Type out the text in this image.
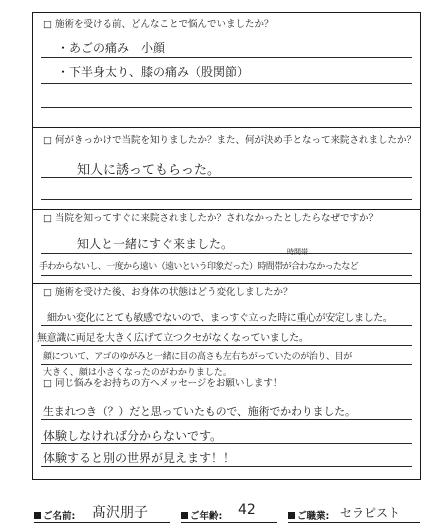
□ 施術を受ける前、どんなことで悩んでいましたか？
・あごの痛み　小顔
・下半身太り、膝の痛み（股関節）
□ 何がきっかけで当院を知りましたか？また、何が決め手となって来院されましたか？
知人に誘ってもらった。
□ 当院を知ってすぐに来院されましたか？されなかったとしたらなぜですか？
知人と一緒にすぐ来ました。
時間帯
手わからないし、一度から遠い（遠いという印象だった）時間帯が合わなかったなど
□ 施術を受けた後、お身体の状態はどう変化しましたか？
細かい変化にとても敏感でないので、まっすぐ立った時に重心が安定しました。
無意識に両足を大きく広げて立つクセがなくなっていました。
顔について、アゴのゆがみと一緒に目の高さも左右ちがっていたのが治り、目が
大きく、顔は小さくなったのがわかりました。
□ 同じ悩みをお持ちの方へメッセージをお願いします！
生まれつき（？）だと思っていたもので、施術でかわりました。
体験しなければ分からないです。
体験すると別の世界が見えます！！
ご名前: 髙沢朋子	ご年齢: 42	ご職業: セラピスト
